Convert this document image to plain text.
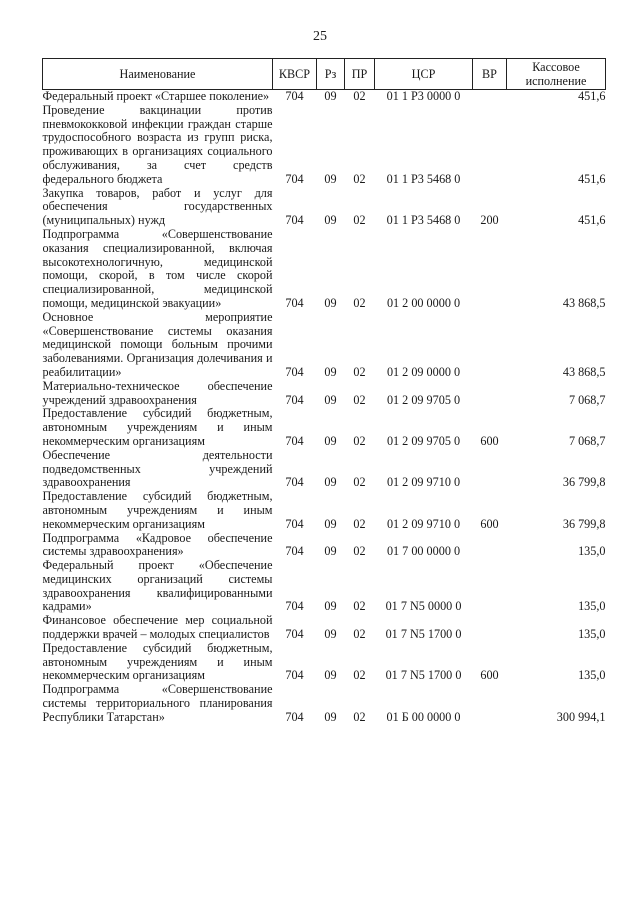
25
Наименование	КВСР	Рз	ПР	ЦСР	ВР	Кассовое исполнение
Федеральный проект «Старшее поколение»	704	09	02	01 1 P3 0000 0		451,6
Проведение вакцинации против пневмококковой инфекции граждан старше трудоспособного возраста из групп риска, проживающих в организациях социального обслуживания, за счет средств федерального бюджета	704	09	02	01 1 P3 5468 0		451,6
Закупка товаров, работ и услуг для обеспечения государственных (муниципальных) нужд	704	09	02	01 1 P3 5468 0	200	451,6
Подпрограмма «Совершенствование оказания специализированной, включая высокотехнологичную, медицинской помощи, скорой, в том числе скорой специализированной, медицинской помощи, медицинской эвакуации»	704	09	02	01 2 00 0000 0		43 868,5
Основное мероприятие «Совершенствование системы оказания медицинской помощи больным прочими заболеваниями. Организация долечивания и реабилитации»	704	09	02	01 2 09 0000 0		43 868,5
Материально-техническое обеспечение учреждений здравоохранения	704	09	02	01 2 09 9705 0		7 068,7
Предоставление субсидий бюджетным, автономным учреждениям и иным некоммерческим организациям	704	09	02	01 2 09 9705 0	600	7 068,7
Обеспечение деятельности подведомственных учреждений здравоохранения	704	09	02	01 2 09 9710 0		36 799,8
Предоставление субсидий бюджетным, автономным учреждениям и иным некоммерческим организациям	704	09	02	01 2 09 9710 0	600	36 799,8
Подпрограмма «Кадровое обеспечение системы здравоохранения»	704	09	02	01 7 00 0000 0		135,0
Федеральный проект «Обеспечение медицинских организаций системы здравоохранения квалифицированными кадрами»	704	09	02	01 7 N5 0000 0		135,0
Финансовое обеспечение мер социальной поддержки врачей – молодых специалистов	704	09	02	01 7 N5 1700 0		135,0
Предоставление субсидий бюджетным, автономным учреждениям и иным некоммерческим организациям	704	09	02	01 7 N5 1700 0	600	135,0
Подпрограмма «Совершенствование системы территориального планирования Республики Татарстан»	704	09	02	01 Б 00 0000 0		300 994,1
